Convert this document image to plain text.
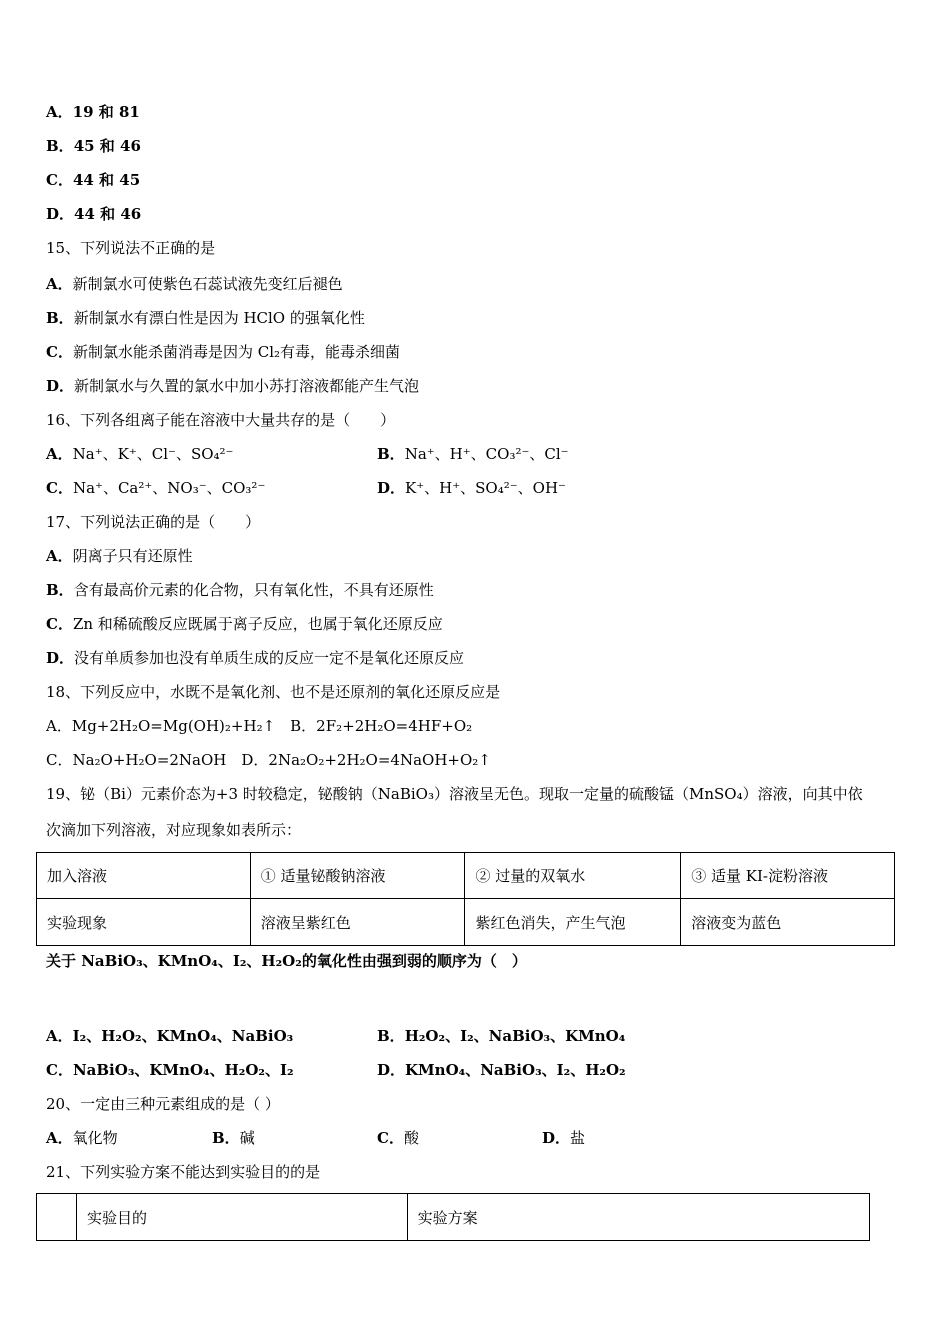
A．19 和 81
B．45 和 46
C．44 和 45
D．44 和 46
15、下列说法不正确的是
A．新制氯水可使紫色石蕊试液先变红后褪色
B．新制氯水有漂白性是因为 HClO 的强氧化性
C．新制氯水能杀菌消毒是因为 Cl₂有毒，能毒杀细菌
D．新制氯水与久置的氯水中加小苏打溶液都能产生气泡
16、下列各组离子能在溶液中大量共存的是（　　）
A．Na⁺、K⁺、Cl⁻、SO₄²⁻	B．Na⁺、H⁺、CO₃²⁻、Cl⁻
C．Na⁺、Ca²⁺、NO₃⁻、CO₃²⁻	D．K⁺、H⁺、SO₄²⁻、OH⁻
17、下列说法正确的是（　　）
A．阴离子只有还原性
B．含有最高价元素的化合物，只有氧化性，不具有还原性
C．Zn 和稀硫酸反应既属于离子反应，也属于氧化还原反应
D．没有单质参加也没有单质生成的反应一定不是氧化还原反应
18、下列反应中，水既不是氧化剂、也不是还原剂的氧化还原反应是
A．Mg+2H₂O=Mg(OH)₂+H₂↑　B．2F₂+2H₂O=4HF+O₂
C．Na₂O+H₂O=2NaOH　D．2Na₂O₂+2H₂O=4NaOH+O₂↑
19、铋（Bi）元素价态为+3 时较稳定，铋酸钠（NaBiO₃）溶液呈无色。现取一定量的硫酸锰（MnSO₄）溶液，向其中依
次滴加下列溶液，对应现象如表所示：
加入溶液	① 适量铋酸钠溶液	② 过量的双氧水	③ 适量 KI-淀粉溶液
实验现象	溶液呈紫红色	紫红色消失，产生气泡	溶液变为蓝色
关于 NaBiO₃、KMnO₄、I₂、H₂O₂的氧化性由强到弱的顺序为（　）
A．I₂、H₂O₂、KMnO₄、NaBiO₃	B．H₂O₂、I₂、NaBiO₃、KMnO₄
C．NaBiO₃、KMnO₄、H₂O₂、I₂	D．KMnO₄、NaBiO₃、I₂、H₂O₂
20、一定由三种元素组成的是（ ）
A．氧化物	B．碱	C．酸	D．盐
21、下列实验方案不能达到实验目的的是
	实验目的	实验方案
